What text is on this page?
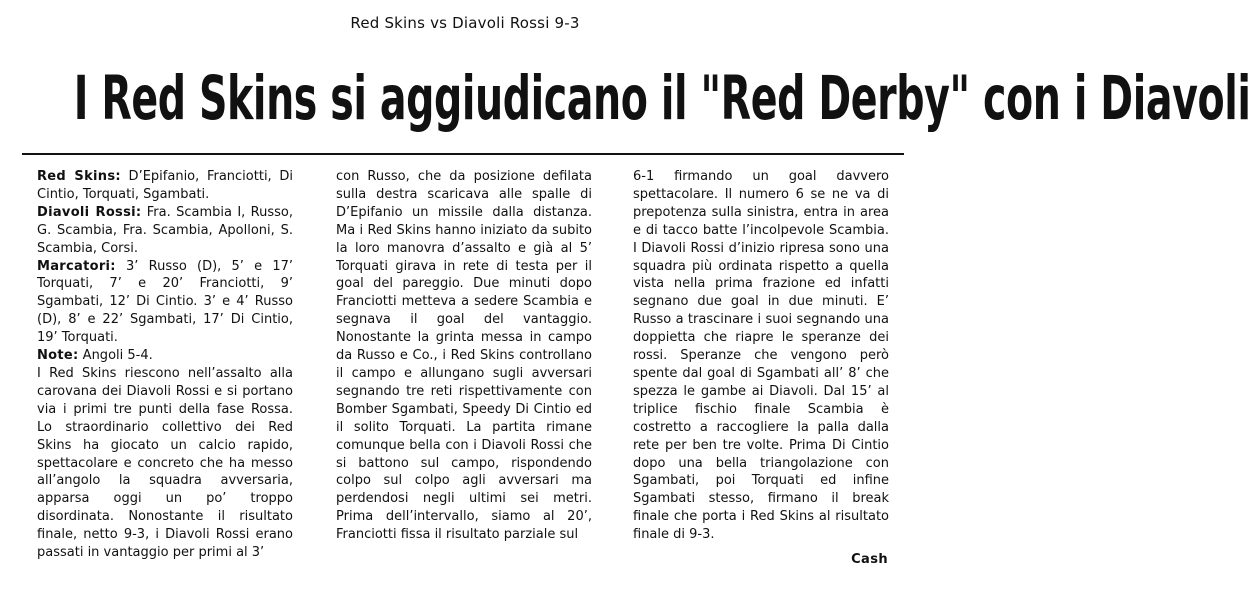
Red Skins vs Diavoli Rossi 9-3
I Red Skins si aggiudicano il "Red Derby" con i Diavoli

Red Skins: D’Epifanio, Franciotti, Di Cintio, Torquati, Sgambati.

Diavoli Rossi: Fra. Scambia I, Russo, G. Scambia, Fra. Scambia, Apolloni, S. Scambia, Corsi.

Marcatori: 3’ Russo (D), 5’ e 17’ Torquati, 7’ e 20’ Franciotti, 9’ Sgambati, 12’ Di Cintio. 3’ e 4’ Russo (D), 8’ e 22’ Sgambati, 17’ Di Cintio, 19’ Torquati.

Note: Angoli 5-4.

I Red Skins riescono nell’assalto alla carovana dei Diavoli Rossi e si portano via i primi tre punti della fase Rossa. Lo straordinario collettivo dei Red Skins ha giocato un calcio rapido, spettacolare e concreto che ha messo all’angolo la squadra avversaria, apparsa oggi un po’ troppo disordinata. Nonostante il risultato finale, netto 9-3, i Diavoli Rossi erano passati in vantaggio per primi al 3’

con Russo, che da posizione defilata sulla destra scaricava alle spalle di D’Epifanio un missile dalla distanza. Ma i Red Skins hanno iniziato da subito la loro manovra d’assalto e già al 5’ Torquati girava in rete di testa per il goal del pareggio. Due minuti dopo Franciotti metteva a sedere Scambia e segnava il goal del vantaggio. Nonostante la grinta messa in campo da Russo e Co., i Red Skins controllano il campo e allungano sugli avversari segnando tre reti rispettivamente con Bomber Sgambati, Speedy Di Cintio ed il solito Torquati. La partita rimane comunque bella con i Diavoli Rossi che si battono sul campo, rispondendo colpo sul colpo agli avversari ma perdendosi negli ultimi sei metri. Prima dell’intervallo, siamo al 20’, Franciotti fissa il risultato parziale sul

6-1 firmando un goal davvero spettacolare. Il numero 6 se ne va di prepotenza sulla sinistra, entra in area e di tacco batte l’incolpevole Scambia. I Diavoli Rossi d’inizio ripresa sono una squadra più ordinata rispetto a quella vista nella prima frazione ed infatti segnano due goal in due minuti. E’ Russo a trascinare i suoi segnando una doppietta che riapre le speranze dei rossi. Speranze che vengono però spente dal goal di Sgambati all’ 8’ che spezza le gambe ai Diavoli. Dal 15’ al triplice fischio finale Scambia è costretto a raccogliere la palla dalla rete per ben tre volte. Prima Di Cintio dopo una bella triangolazione con Sgambati, poi Torquati ed infine Sgambati stesso, firmano il break finale che porta i Red Skins al risultato finale di 9-3.

Cash
